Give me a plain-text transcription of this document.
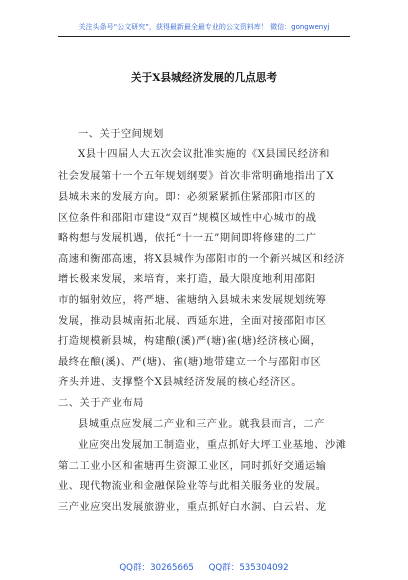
关注头条号“公文研究”，获得最新最全最专业的公文资料库！ 微信：gongwenyj
关于X县城经济发展的几点思考
一、关于空间规划
X县十四届人大五次会议批准实施的《X县国民经济和
社会发展第十一个五年规划纲要》首次非常明确地指出了X
县城未来的发展方向。即：必须紧紧抓住紧邵阳市区的
区位条件和邵阳市建设“双百”规模区域性中心城市的战
略构想与发展机遇，依托“十一五”期间即将修建的二广
高速和衡邵高速，将X县城作为邵阳市的一个新兴城区和经济
增长极来发展，来培育，来打造，最大限度地利用邵阳
市的辐射效应，将严塘、雀塘纳入县城未来发展规划统筹
发展，推动县城南拓北展、西延东进，全面对接邵阳市区
打造规模新县城，构建酿(溪)严(塘)雀(塘)经济核心圈，
最终在酿(溪)、严(塘)、雀(塘)地带建立一个与邵阳市区
齐头并进、支撑整个X县城经济发展的核心经济区。
二、关于产业布局
县城重点应发展二产业和三产业。就我县而言，二产
业应突出发展加工制造业，重点抓好大坪工业基地、沙滩
第二工业小区和雀塘再生资源工业区，同时抓好交通运输
业、现代物流业和金融保险业等与此相关服务业的发展。
三产业应突出发展旅游业，重点抓好白水洞、白云岩、龙
QQ群：30265665 QQ群：535304092
